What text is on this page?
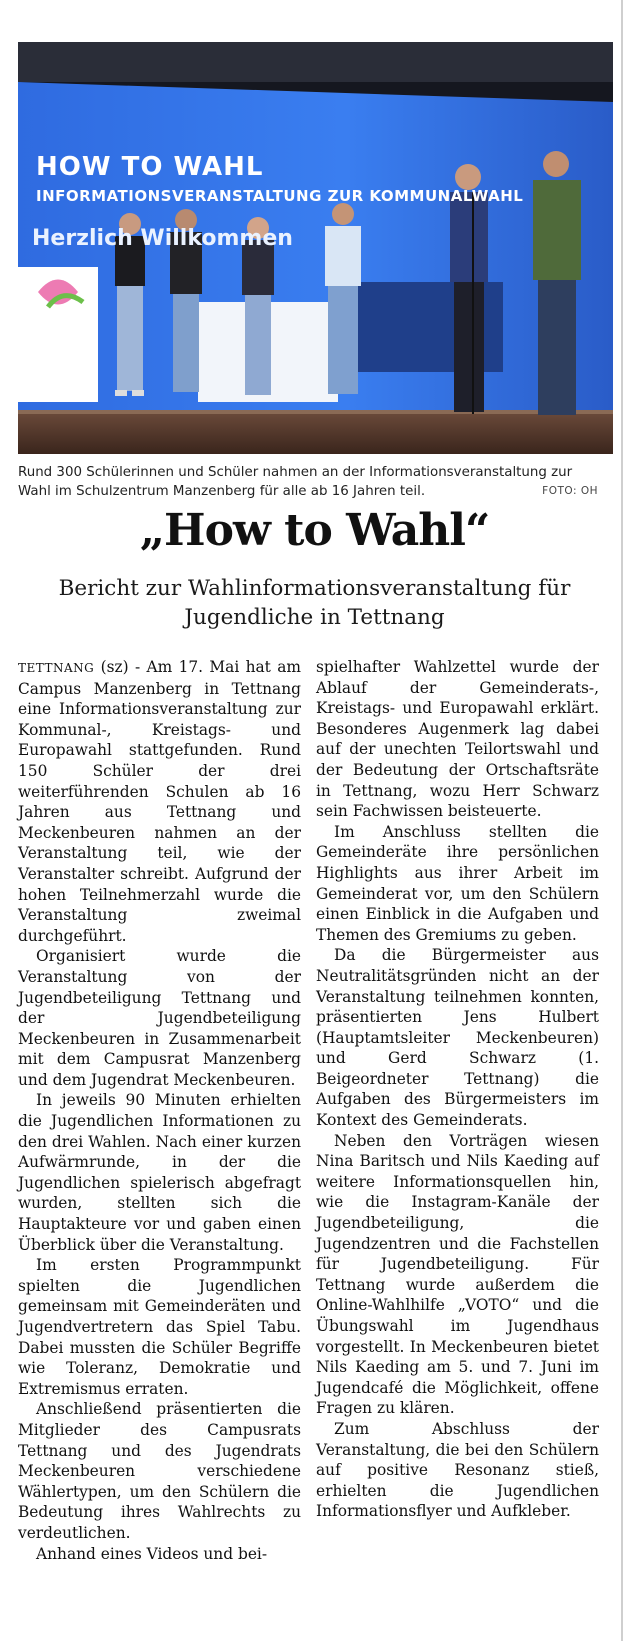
HOW TO WAHL
INFORMATIONSVERANSTALTUNG ZUR KOMMUNALWAHL
Herzlich Willkommen
Rund 300 Schülerinnen und Schüler nahmen an der Informationsveranstaltung zur Wahl im Schulzentrum Manzenberg für alle ab 16 Jahren teil.	FOTO: OH
„How to Wahl“
Bericht zur Wahlinformationsveranstaltung für Jugendliche in Tettnang

TETTNANG (sz) - Am 17. Mai hat am Campus Manzenberg in Tettnang eine Informationsveranstaltung zur Kommunal-, Kreistags- und Europawahl stattgefunden. Rund 150 Schüler der drei weiterführenden Schulen ab 16 Jahren aus Tettnang und Meckenbeuren nahmen an der Veranstaltung teil, wie der Veranstalter schreibt. Aufgrund der hohen Teilnehmerzahl wurde die Veranstaltung zweimal durchgeführt.

Organisiert wurde die Veranstaltung von der Jugendbeteiligung Tettnang und der Jugendbeteiligung Meckenbeuren in Zusammenarbeit mit dem Campusrat Manzenberg und dem Jugendrat Meckenbeuren.

In jeweils 90 Minuten erhielten die Jugendlichen Informationen zu den drei Wahlen. Nach einer kurzen Aufwärmrunde, in der die Jugendlichen spielerisch abgefragt wurden, stellten sich die Hauptakteure vor und gaben einen Überblick über die Veranstaltung.

Im ersten Programmpunkt spielten die Jugendlichen gemeinsam mit Gemeinderäten und Jugendvertretern das Spiel Tabu. Dabei mussten die Schüler Begriffe wie Toleranz, Demokratie und Extremismus erraten.

Anschließend präsentierten die Mitglieder des Campusrats Tettnang und des Jugendrats Meckenbeuren verschiedene Wählertypen, um den Schülern die Bedeutung ihres Wahlrechts zu verdeutlichen.

Anhand eines Videos und bei-

spielhafter Wahlzettel wurde der Ablauf der Gemeinderats-, Kreistags- und Europawahl erklärt. Besonderes Augenmerk lag dabei auf der unechten Teilortswahl und der Bedeutung der Ortschaftsräte in Tettnang, wozu Herr Schwarz sein Fachwissen beisteuerte.

Im Anschluss stellten die Gemeinderäte ihre persönlichen Highlights aus ihrer Arbeit im Gemeinderat vor, um den Schülern einen Einblick in die Aufgaben und Themen des Gremiums zu geben.

Da die Bürgermeister aus Neutralitätsgründen nicht an der Veranstaltung teilnehmen konnten, präsentierten Jens Hulbert (Hauptamtsleiter Meckenbeuren) und Gerd Schwarz (1. Beigeordneter Tettnang) die Aufgaben des Bürgermeisters im Kontext des Gemeinderats.

Neben den Vorträgen wiesen Nina Baritsch und Nils Kaeding auf weitere Informationsquellen hin, wie die Instagram-Kanäle der Jugendbeteiligung, die Jugendzentren und die Fachstellen für Jugendbeteiligung. Für Tettnang wurde außerdem die Online-Wahlhilfe „VOTO“ und die Übungswahl im Jugendhaus vorgestellt. In Meckenbeuren bietet Nils Kaeding am 5. und 7. Juni im Jugendcafé die Möglichkeit, offene Fragen zu klären.

Zum Abschluss der Veranstaltung, die bei den Schülern auf positive Resonanz stieß, erhielten die Jugendlichen Informationsflyer und Aufkleber.
